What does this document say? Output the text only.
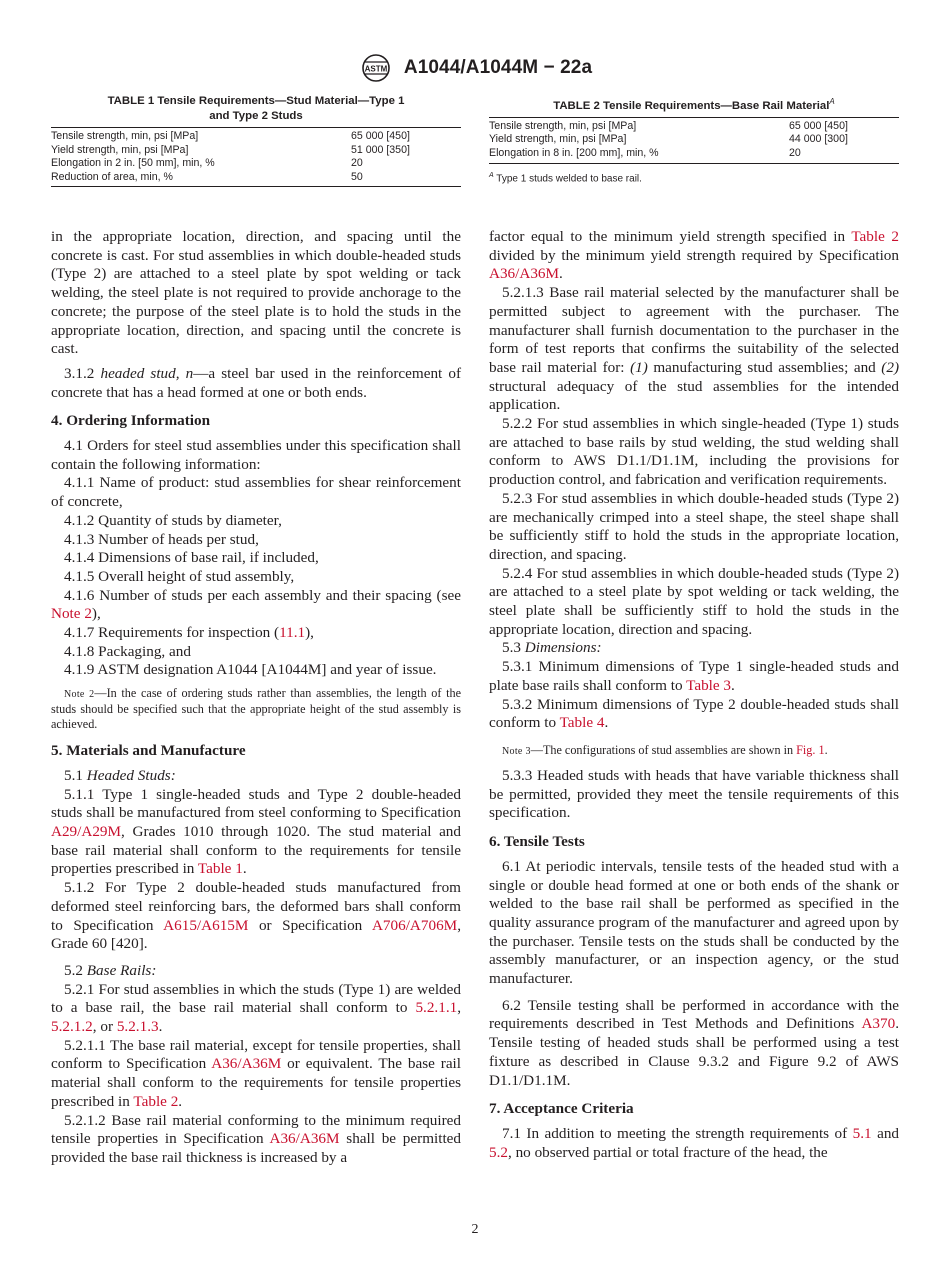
ASTM A1044/A1044M − 22a
TABLE 1 Tensile Requirements—Stud Material—Type 1
and Type 2 Studs
Tensile strength, min, psi [MPa]	65 000 [450]
Yield strength, min, psi [MPa]	51 000 [350]
Elongation in 2 in. [50 mm], min, %	20
Reduction of area, min, %	50
TABLE 2 Tensile Requirements—Base Rail Material$^A$
Tensile strength, min, psi [MPa]	65 000 [450]
Yield strength, min, psi [MPa]	44 000 [300]
Elongation in 8 in. [200 mm], min, %	20
$^A$ Type 1 studs welded to base rail.

in the appropriate location, direction, and spacing until the concrete is cast. For stud assemblies in which double-headed studs (Type 2) are attached to a steel plate by spot welding or tack welding, the steel plate is not required to provide anchorage to the concrete; the purpose of the steel plate is to hold the studs in the appropriate location, direction, and spacing until the concrete is cast.

3.1.2 headed stud, n—a steel bar used in the reinforcement of concrete that has a head formed at one or both ends.

4. Ordering Information

4.1 Orders for steel stud assemblies under this specification shall contain the following information:

4.1.1 Name of product: stud assemblies for shear reinforcement of concrete,

4.1.2 Quantity of studs by diameter,

4.1.3 Number of heads per stud,

4.1.4 Dimensions of base rail, if included,

4.1.5 Overall height of stud assembly,

4.1.6 Number of studs per each assembly and their spacing (see Note 2),

4.1.7 Requirements for inspection (11.1),

4.1.8 Packaging, and

4.1.9 ASTM designation A1044 [A1044M] and year of issue.

Note 2—In the case of ordering studs rather than assemblies, the length of the studs should be specified such that the appropriate height of the stud assembly is achieved.

5. Materials and Manufacture

5.1 Headed Studs:

5.1.1 Type 1 single-headed studs and Type 2 double-headed studs shall be manufactured from steel conforming to Specification A29/A29M, Grades 1010 through 1020. The stud material and base rail material shall conform to the requirements for tensile properties prescribed in Table 1.

5.1.2 For Type 2 double-headed studs manufactured from deformed steel reinforcing bars, the deformed bars shall conform to Specification A615/A615M or Specification A706/A706M, Grade 60 [420].

5.2 Base Rails:

5.2.1 For stud assemblies in which the studs (Type 1) are welded to a base rail, the base rail material shall conform to 5.2.1.1, 5.2.1.2, or 5.2.1.3.

5.2.1.1 The base rail material, except for tensile properties, shall conform to Specification A36/A36M or equivalent. The base rail material shall conform to the requirements for tensile properties prescribed in Table 2.

5.2.1.2 Base rail material conforming to the minimum required tensile properties in Specification A36/A36M shall be permitted provided the base rail thickness is increased by a

factor equal to the minimum yield strength specified in Table 2 divided by the minimum yield strength required by Specification A36/A36M.

5.2.1.3 Base rail material selected by the manufacturer shall be permitted subject to agreement with the purchaser. The manufacturer shall furnish documentation to the purchaser in the form of test reports that confirms the suitability of the selected base rail material for: (1) manufacturing stud assemblies; and (2) structural adequacy of the stud assemblies for the intended application.

5.2.2 For stud assemblies in which single-headed (Type 1) studs are attached to base rails by stud welding, the stud welding shall conform to AWS D1.1/D1.1M, including the provisions for production control, and fabrication and verification requirements.

5.2.3 For stud assemblies in which double-headed studs (Type 2) are mechanically crimped into a steel shape, the steel shape shall be sufficiently stiff to hold the studs in the appropriate location, direction, and spacing.

5.2.4 For stud assemblies in which double-headed studs (Type 2) are attached to a steel plate by spot welding or tack welding, the steel plate shall be sufficiently stiff to hold the studs in the appropriate location, direction and spacing.

5.3 Dimensions:

5.3.1 Minimum dimensions of Type 1 single-headed studs and plate base rails shall conform to Table 3.

5.3.2 Minimum dimensions of Type 2 double-headed studs shall conform to Table 4.

Note 3—The configurations of stud assemblies are shown in Fig. 1.

5.3.3 Headed studs with heads that have variable thickness shall be permitted, provided they meet the tensile requirements of this specification.

6. Tensile Tests

6.1 At periodic intervals, tensile tests of the headed stud with a single or double head formed at one or both ends of the shank or welded to the base rail shall be performed as specified in the quality assurance program of the manufacturer and agreed upon by the purchaser. Tensile tests on the studs shall be conducted by the assembly manufacturer, or an inspection agency, or the stud manufacturer.

6.2 Tensile testing shall be performed in accordance with the requirements described in Test Methods and Definitions A370. Tensile testing of headed studs shall be performed using a test fixture as described in Clause 9.3.2 and Figure 9.2 of AWS D1.1/D1.1M.

7. Acceptance Criteria

7.1 In addition to meeting the strength requirements of 5.1 and 5.2, no observed partial or total fracture of the head, the

2
